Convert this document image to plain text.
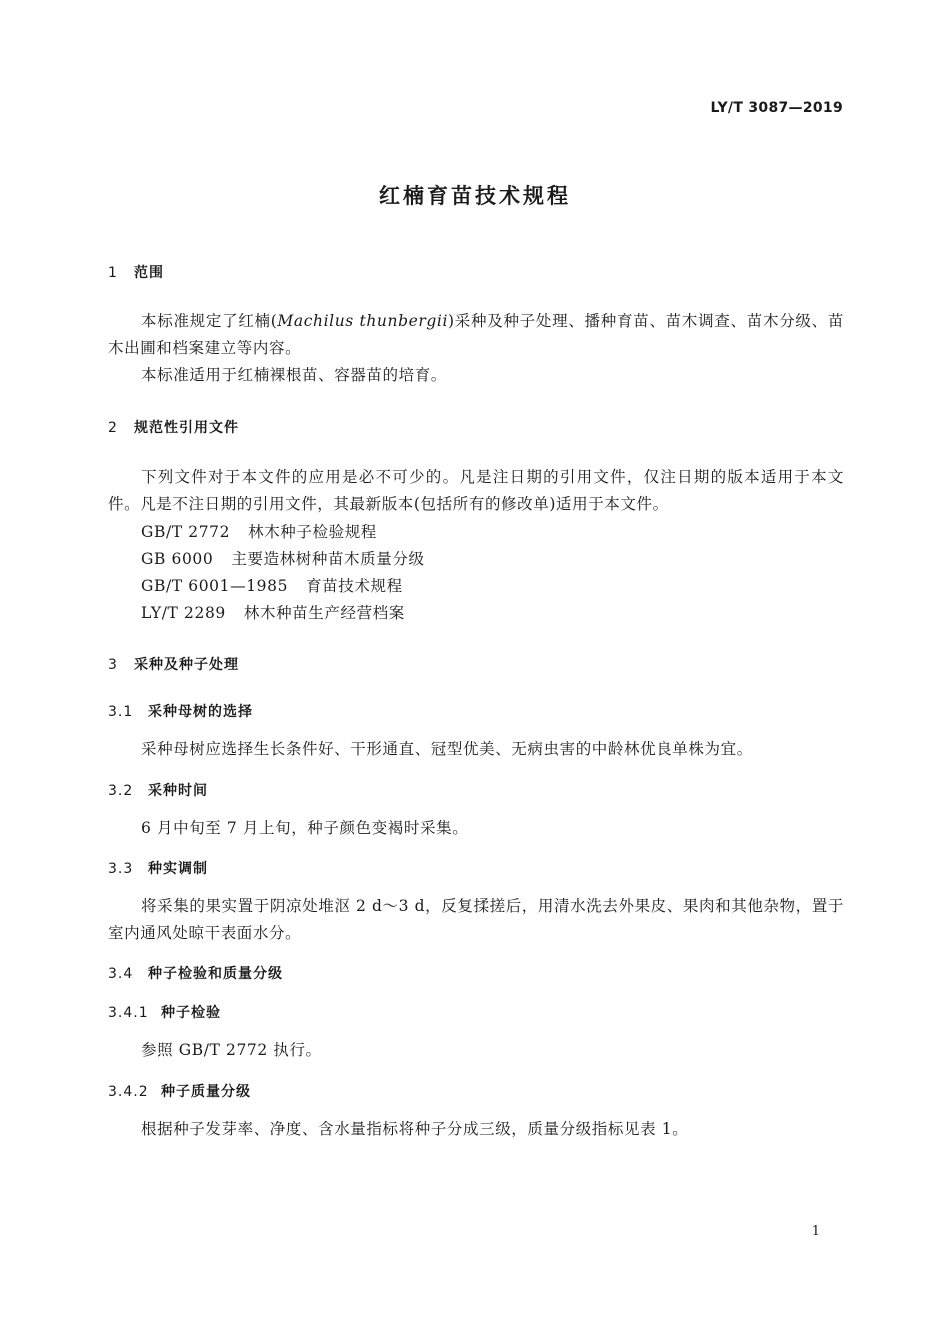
LY/T 3087—2019
红楠育苗技术规程
1 范围
本标准规定了红楠(Machilus thunbergii)采种及种子处理、播种育苗、苗木调查、苗木分级、苗木出圃和档案建立等内容。
本标准适用于红楠裸根苗、容器苗的培育。
2 规范性引用文件
下列文件对于本文件的应用是必不可少的。凡是注日期的引用文件，仅注日期的版本适用于本文件。凡是不注日期的引用文件，其最新版本(包括所有的修改单)适用于本文件。
GB/T 2772 林木种子检验规程
GB 6000 主要造林树种苗木质量分级
GB/T 6001—1985 育苗技术规程
LY/T 2289 林木种苗生产经营档案
3 采种及种子处理
3.1 采种母树的选择
采种母树应选择生长条件好、干形通直、冠型优美、无病虫害的中龄林优良单株为宜。
3.2 采种时间
6 月中旬至 7 月上旬，种子颜色变褐时采集。
3.3 种实调制
将采集的果实置于阴凉处堆沤 2 d～3 d，反复揉搓后，用清水洗去外果皮、果肉和其他杂物，置于室内通风处晾干表面水分。
3.4 种子检验和质量分级
3.4.1 种子检验
参照 GB/T 2772 执行。
3.4.2 种子质量分级
根据种子发芽率、净度、含水量指标将种子分成三级，质量分级指标见表 1。
1
